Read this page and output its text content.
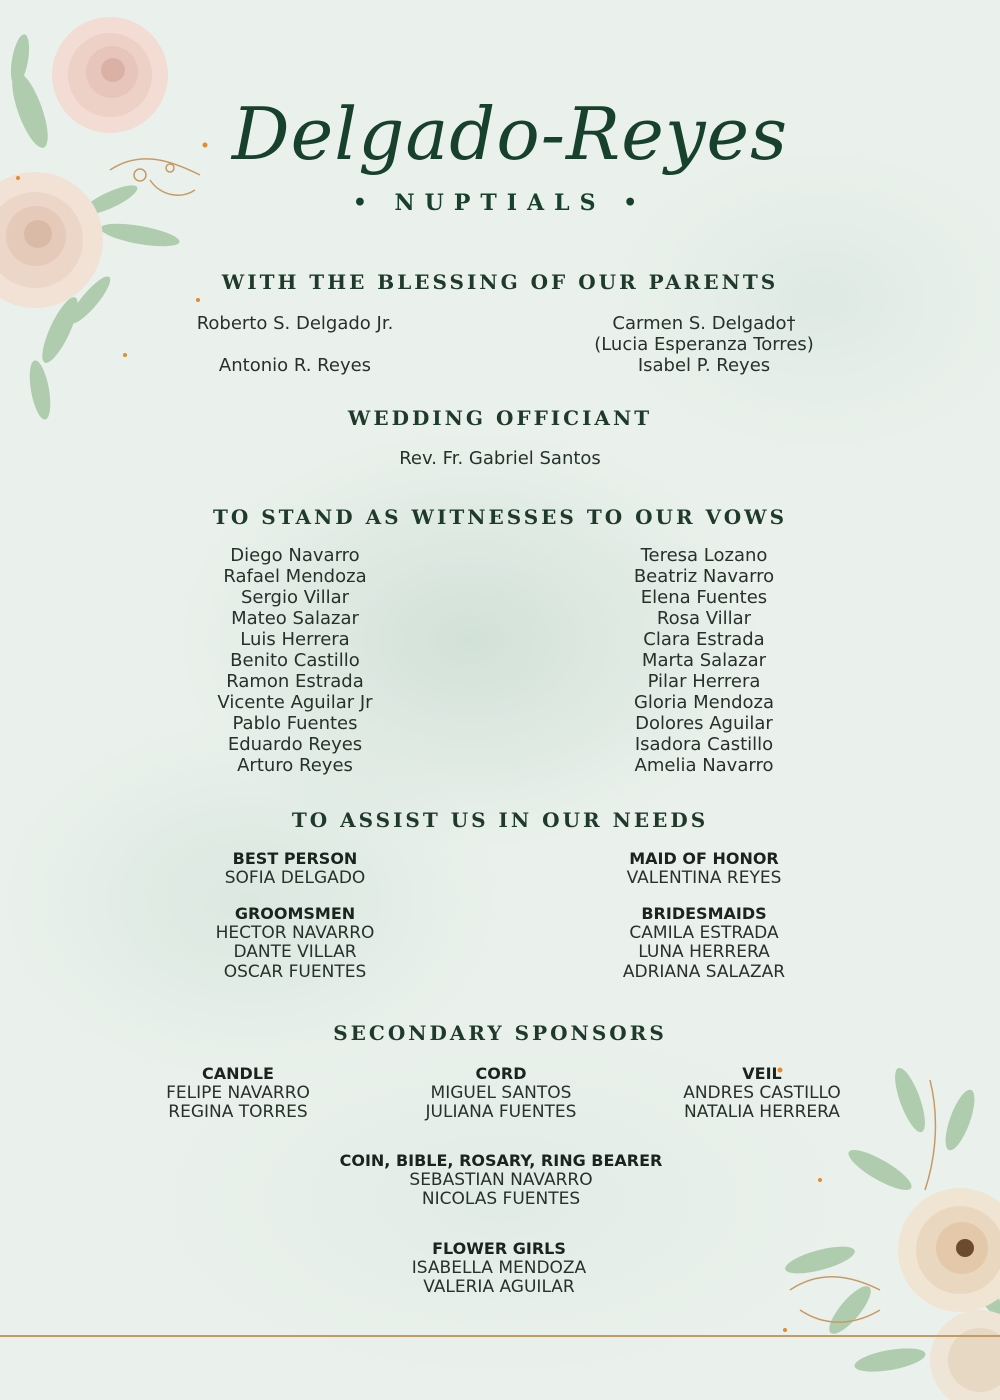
Delgado-Reyes
• NUPTIALS •
WITH THE BLESSING OF OUR PARENTS
Roberto S. Delgado Jr.
Antonio R. Reyes
Carmen S. Delgado†
(Lucia Esperanza Torres)
Isabel P. Reyes
WEDDING OFFICIANT
Rev. Fr. Gabriel Santos
TO STAND AS WITNESSES TO OUR VOWS
Diego Navarro
Rafael Mendoza
Sergio Villar
Mateo Salazar
Luis Herrera
Benito Castillo
Ramon Estrada
Vicente Aguilar Jr
Pablo Fuentes
Eduardo Reyes
Arturo Reyes
Teresa Lozano
Beatriz Navarro
Elena Fuentes
Rosa Villar
Clara Estrada
Marta Salazar
Pilar Herrera
Gloria Mendoza
Dolores Aguilar
Isadora Castillo
Amelia Navarro
TO ASSIST US IN OUR NEEDS
BEST PERSON
SOFIA DELGADO
MAID OF HONOR
VALENTINA REYES
GROOMSMEN
HECTOR NAVARRO
DANTE VILLAR
OSCAR FUENTES
BRIDESMAIDS
CAMILA ESTRADA
LUNA HERRERA
ADRIANA SALAZAR
SECONDARY SPONSORS
CANDLE
FELIPE NAVARRO
REGINA TORRES
CORD
MIGUEL SANTOS
JULIANA FUENTES
VEIL
ANDRES CASTILLO
NATALIA HERRERA
COIN, BIBLE, ROSARY, RING BEARER
SEBASTIAN NAVARRO
NICOLAS FUENTES
FLOWER GIRLS
ISABELLA MENDOZA
VALERIA AGUILAR
